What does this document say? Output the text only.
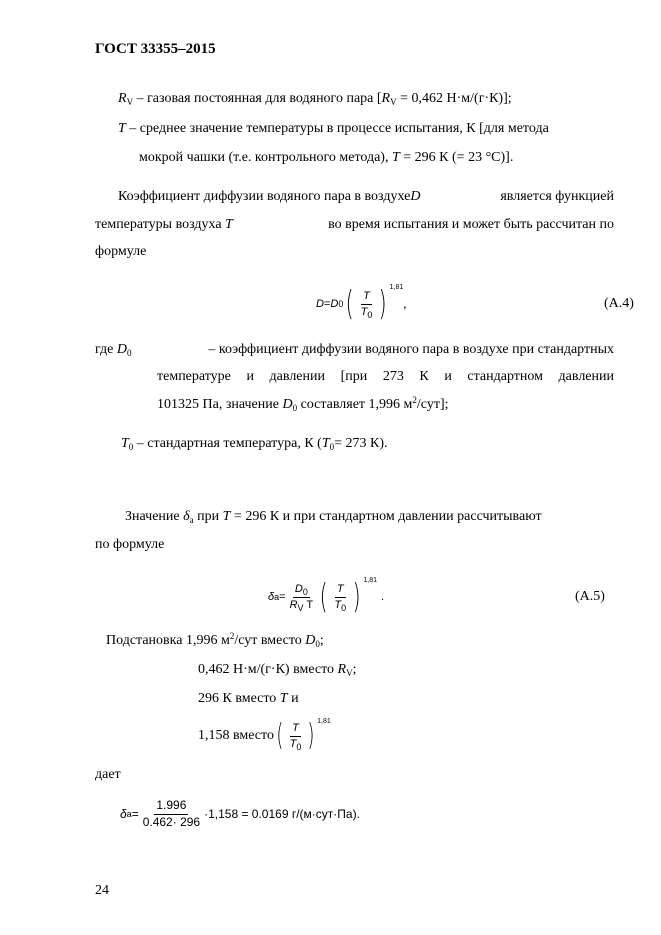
ГОСТ 33355–2015
$R_V$ – газовая постоянная для водяного пара [$R_V = 0,462$ Н·м/(г·К)];
T – среднее значение температуры в процессе испытания, К [для метода
мокрой чашки (т.е. контрольного метода), T = 296 К (= 23 °С)].
Коэффициент диффузии водяного пара в воздухе D	является функцией
температуры воздуха T	во время испытания и может быть рассчитан по
формуле
D = D 0 ( $\frac{T}{T_0}$ ) 1,81
,	(А.4)
где $D_0$	– коэффициент диффузии водяного пара в воздухе при стандартных
температуре и давлении [при 273 К и стандартном давлении
101325 Па, значение $D_0$ составляет 1,996 $м^2/сут$];
$T_0$ – стандартная температура, К ($T_0= 273$ К).
Значение $\delta_a$ при T = 296 К и при стандартном давлении рассчитывают
по формуле
δ $a = \frac{D_0}{R_V T}$ ( $\frac{T}{T_0}$ ) 1,81
.	(А.5)
Подстановка 1,996 $м^2$/сут вместо $D_0$;
0,462 Н·м/(г·К) вместо $R_V$;
296 К вместо T и
1,158 вместо ( $\frac{T}{T_0}$ ) 1,81
дает
δ $a = \frac{1.996}{0.462\cdot 296} \cdot 1,158 = 0.0169$ г/(м·сут·Па).
24
